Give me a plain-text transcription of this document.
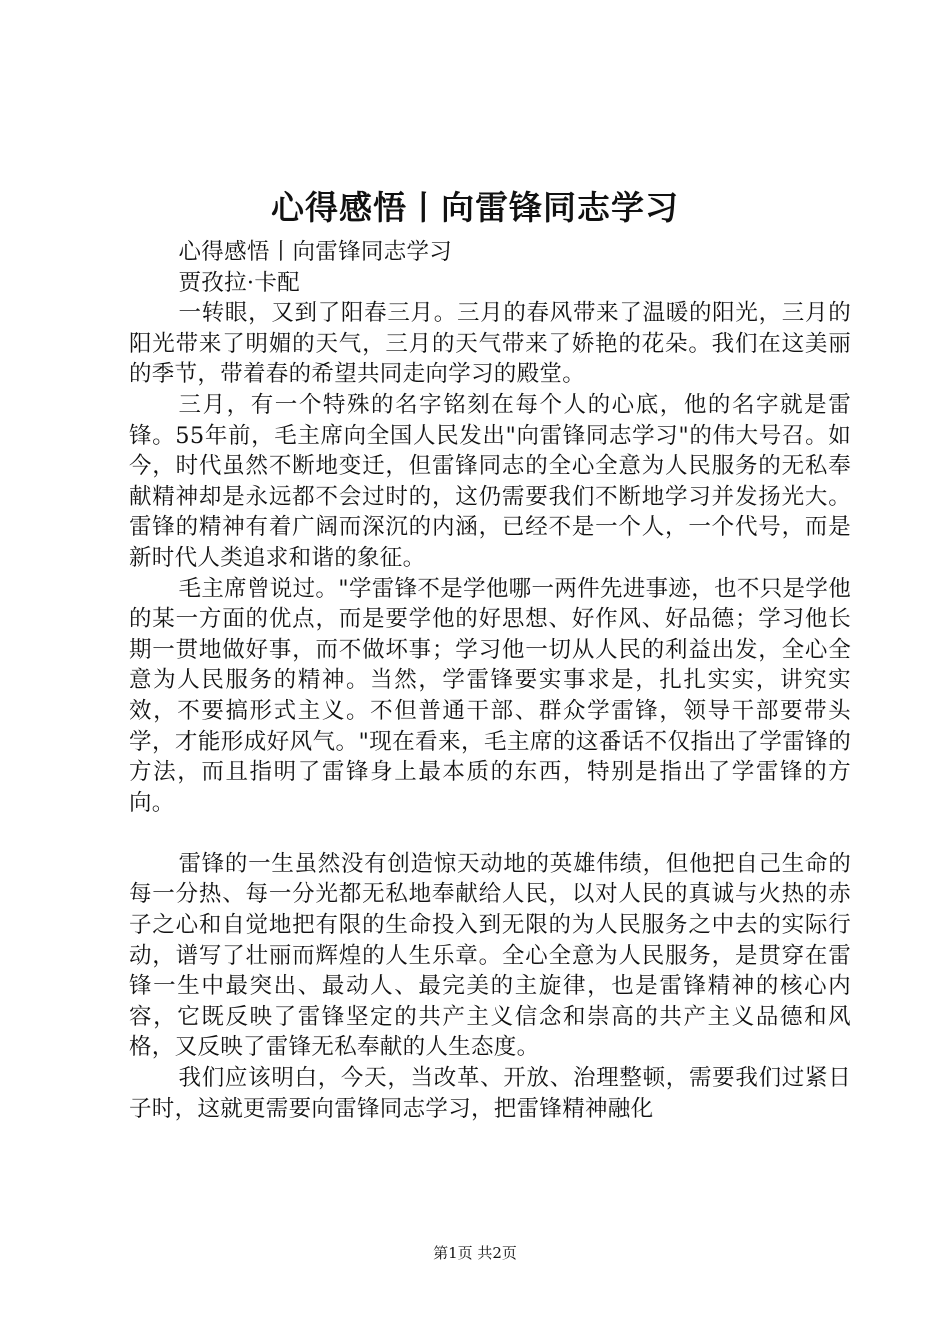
心得感悟丨向雷锋同志学习

心得感悟丨向雷锋同志学习

贾孜拉·卡配

一转眼，又到了阳春三月。三月的春风带来了温暖的阳光，三月的阳光带来了明媚的天气，三月的天气带来了娇艳的花朵。我们在这美丽的季节，带着春的希望共同走向学习的殿堂。

三月，有一个特殊的名字铭刻在每个人的心底，他的名字就是雷锋。55年前，毛主席向全国人民发出"向雷锋同志学习"的伟大号召。如今，时代虽然不断地变迁，但雷锋同志的全心全意为人民服务的无私奉献精神却是永远都不会过时的，这仍需要我们不断地学习并发扬光大。雷锋的精神有着广阔而深沉的内涵，已经不是一个人，一个代号，而是新时代人类追求和谐的象征。

毛主席曾说过。"学雷锋不是学他哪一两件先进事迹，也不只是学他的某一方面的优点，而是要学他的好思想、好作风、好品德；学习他长期一贯地做好事，而不做坏事；学习他一切从人民的利益出发，全心全意为人民服务的精神。当然，学雷锋要实事求是，扎扎实实，讲究实效，不要搞形式主义。不但普通干部、群众学雷锋，领导干部要带头学，才能形成好风气。"现在看来，毛主席的这番话不仅指出了学雷锋的方法，而且指明了雷锋身上最本质的东西，特别是指出了学雷锋的方向。

雷锋的一生虽然没有创造惊天动地的英雄伟绩，但他把自己生命的每一分热、每一分光都无私地奉献给人民，以对人民的真诚与火热的赤子之心和自觉地把有限的生命投入到无限的为人民服务之中去的实际行动，谱写了壮丽而辉煌的人生乐章。全心全意为人民服务，是贯穿在雷锋一生中最突出、最动人、最完美的主旋律，也是雷锋精神的核心内容，它既反映了雷锋坚定的共产主义信念和崇高的共产主义品德和风格，又反映了雷锋无私奉献的人生态度。

我们应该明白，今天，当改革、开放、治理整顿，需要我们过紧日子时，这就更需要向雷锋同志学习，把雷锋精神融化

第1页 共2页
